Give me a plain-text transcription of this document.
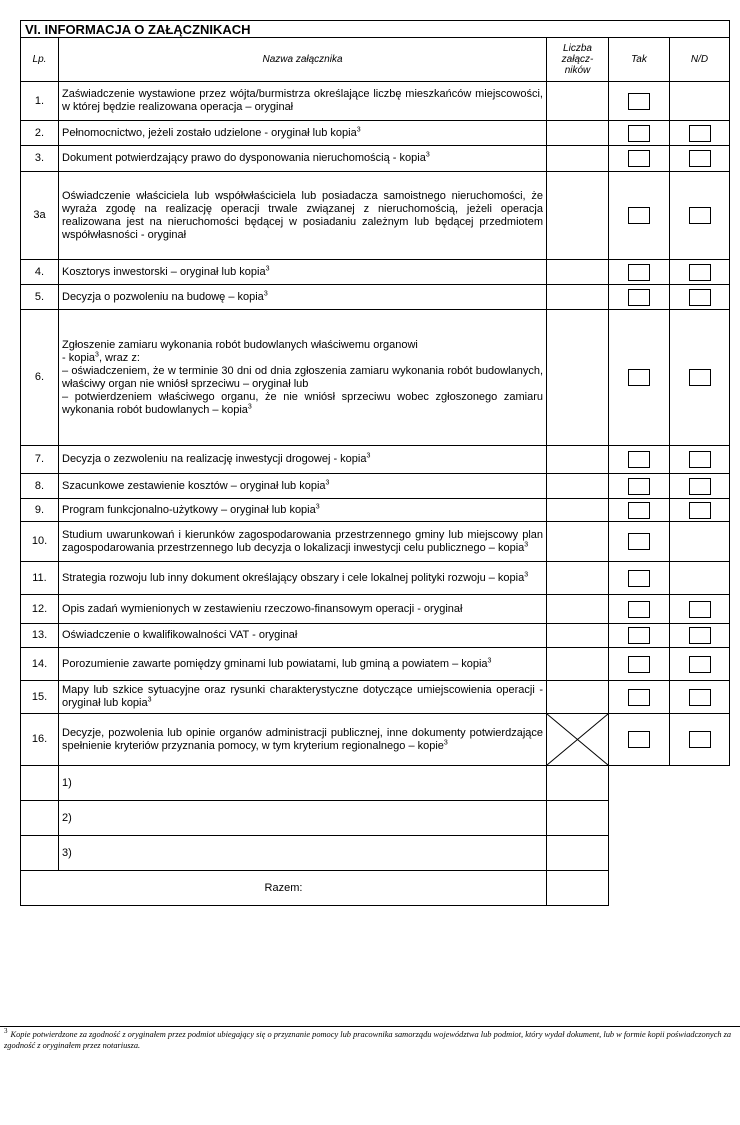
VI. INFORMACJA O ZAŁĄCZNIKACH				
Lp.	Nazwa załącznika	Liczba załącz-ników	Tak	N/D
1.	Zaświadczenie wystawione przez wójta/burmistrza określające liczbę mieszkańców miejscowości, w której będzie realizowana operacja – oryginał			
2.	Pełnomocnictwo, jeżeli zostało udzielone - oryginał lub kopia$^3$			
3.	Dokument potwierdzający prawo do dysponowania nieruchomością - kopia$^3$			
3a	Oświadczenie właściciela lub współwłaściciela lub posiadacza samoistnego nieruchomości, że wyraża zgodę na realizację operacji trwale związanej z nieruchomością, jeżeli operacja realizowana jest na nieruchomości będącej w posiadaniu zależnym lub będącej przedmiotem współwłasności - oryginał			
4.	Kosztorys inwestorski – oryginał lub kopia$^3$			
5.	Decyzja o pozwoleniu na budowę – kopia$^3$			
6.	Zgłoszenie zamiaru wykonania robót budowlanych właściwemu organowi
- kopia$^3$, wraz z:
– oświadczeniem, że w terminie 30 dni od dnia zgłoszenia zamiaru wykonania robót budowlanych, właściwy organ nie wniósł sprzeciwu – oryginał lub
– potwierdzeniem właściwego organu, że nie wniósł sprzeciwu wobec zgłoszonego zamiaru wykonania robót budowlanych – kopia$^3$

7.	Decyzja o zezwoleniu na realizację inwestycji drogowej - kopia$^3$			
8.	Szacunkowe zestawienie kosztów – oryginał lub kopia$^3$			
9.	Program funkcjonalno-użytkowy – oryginał lub kopia$^3$			
10.	Studium uwarunkowań i kierunków zagospodarowania przestrzennego gminy lub miejscowy plan zagospodarowania przestrzennego lub decyzja o lokalizacji inwestycji celu publicznego – kopia$^3$			
11.	Strategia rozwoju lub inny dokument określający obszary i cele lokalnej polityki rozwoju – kopia$^3$			
12.	Opis zadań wymienionych w zestawieniu rzeczowo-finansowym operacji - oryginał			
13.	Oświadczenie o kwalifikowalności VAT - oryginał			
14.	Porozumienie zawarte pomiędzy gminami lub powiatami, lub gminą a powiatem – kopia$^3$			
15.	Mapy lub szkice sytuacyjne oraz rysunki charakterystyczne dotyczące umiejscowienia operacji - oryginał lub kopia$^3$			
16.	Decyzje, pozwolenia lub opinie organów administracji publicznej, inne dokumenty potwierdzające spełnienie kryteriów przyznania pomocy, w tym kryterium regionalnego – kopie$^3$	

	1)			
	2)			
	3)			
Razem:				
$^3$ Kopie potwierdzone za zgodność z oryginałem przez podmiot ubiegający się o przyznanie pomocy lub pracownika samorządu województwa lub podmiot, który wydał dokument, lub w formie kopii poświadczonych za zgodność z oryginałem przez notariusza.
